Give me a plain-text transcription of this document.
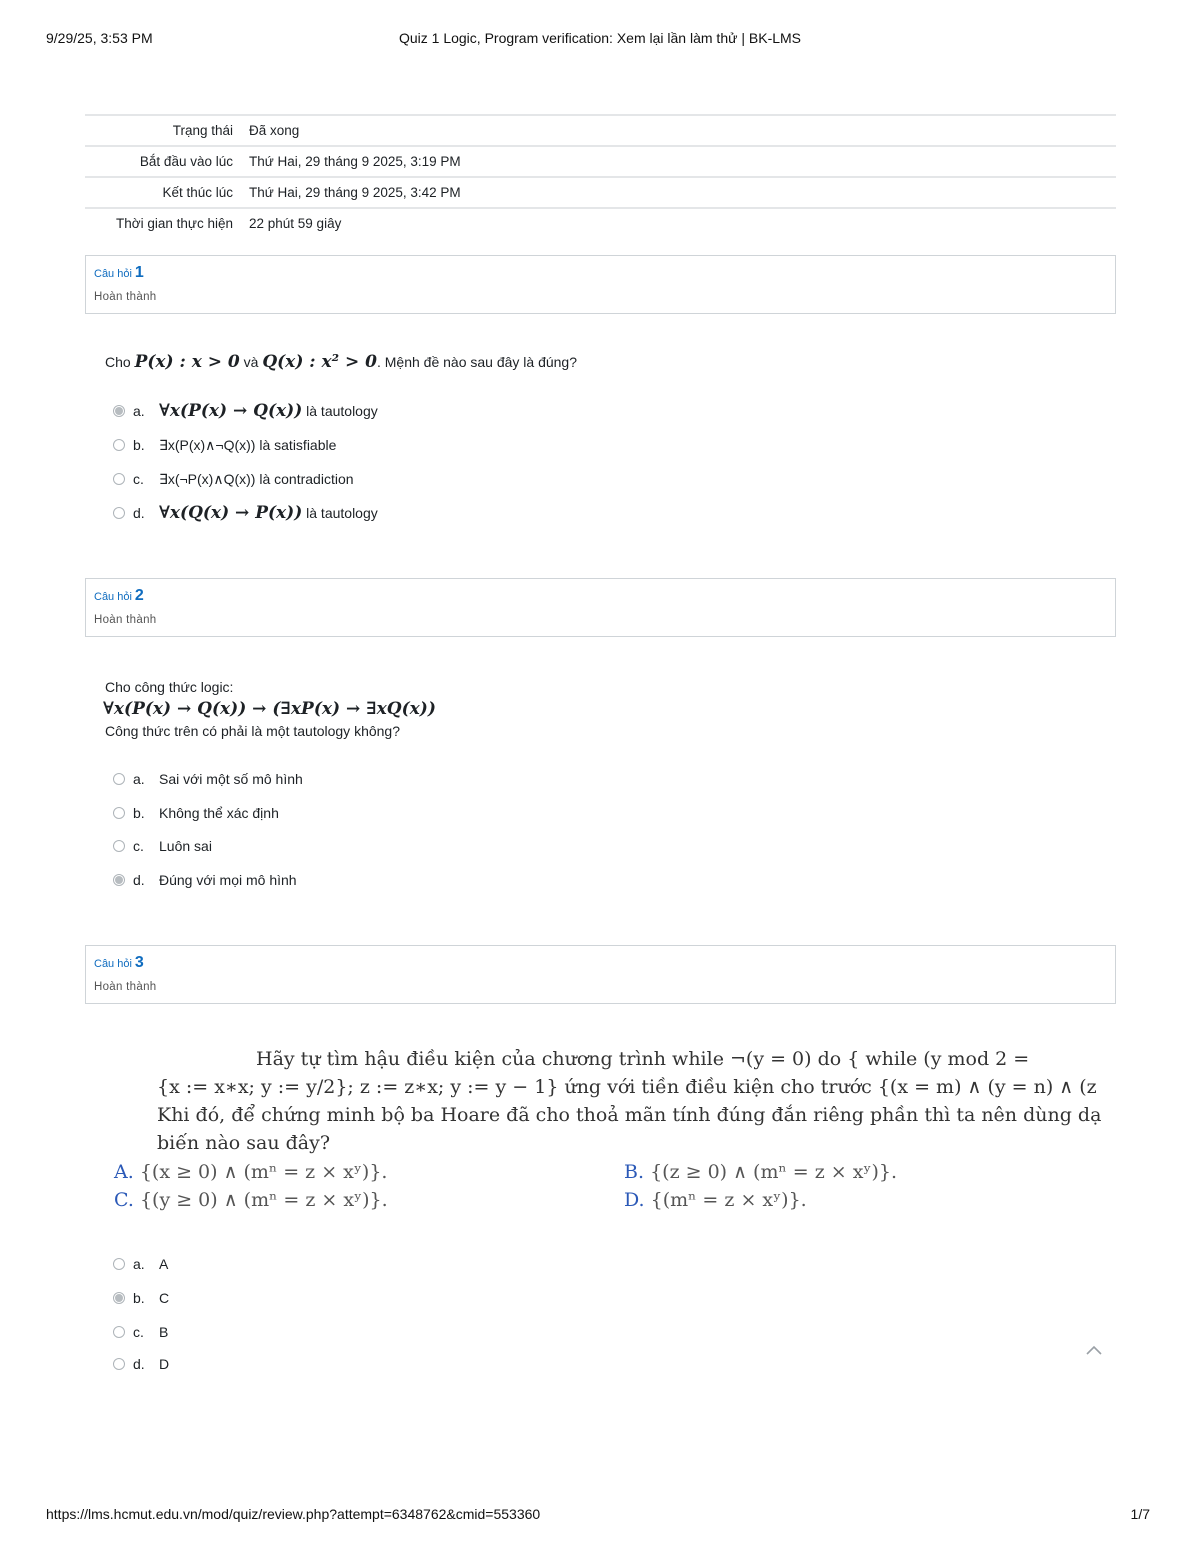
9/29/25, 3:53 PM	Quiz 1 Logic, Program verification: Xem lại lần làm thử | BK-LMS
Trạng thái	Đã xong
Bắt đầu vào lúc	Thứ Hai, 29 tháng 9 2025, 3:19 PM
Kết thúc lúc	Thứ Hai, 29 tháng 9 2025, 3:42 PM
Thời gian thực hiện	22 phút 59 giây
Câu hỏi 1
Hoàn thành
Cho P(x) : x > 0 và Q(x) : x² > 0. Mệnh đề nào sau đây là đúng?
a. ∀x(P(x) → Q(x)) là tautology
b. ∃x(P(x)∧¬Q(x)) là satisfiable
c. ∃x(¬P(x)∧Q(x)) là contradiction
d. ∀x(Q(x) → P(x)) là tautology
Câu hỏi 2
Hoàn thành
Cho công thức logic:
∀x(P(x) → Q(x)) → (∃xP(x) → ∃xQ(x))
Công thức trên có phải là một tautology không?
a. Sai với một số mô hình
b. Không thể xác định
c. Luôn sai
d. Đúng với mọi mô hình
Câu hỏi 3
Hoàn thành
Hãy tự tìm hậu điều kiện của chương trình while ¬(y = 0) do { while (y mod 2 =
{x := x∗x; y := y/2}; z := z∗x; y := y − 1} ứng với tiền điều kiện cho trước {(x = m) ∧ (y = n) ∧ (z
Khi đó, để chứng minh bộ ba Hoare đã cho thoả mãn tính đúng đắn riêng phần thì ta nên dùng dạ
biến nào sau đây?
A. {(x ≥ 0) ∧ (mⁿ = z × xʸ)}.	B. {(z ≥ 0) ∧ (mⁿ = z × xʸ)}.
C. {(y ≥ 0) ∧ (mⁿ = z × xʸ)}.	D. {(mⁿ = z × xʸ)}.
a. A
b. C
c. B
d. D
https://lms.hcmut.edu.vn/mod/quiz/review.php?attempt=6348762&cmid=553360	1/7
